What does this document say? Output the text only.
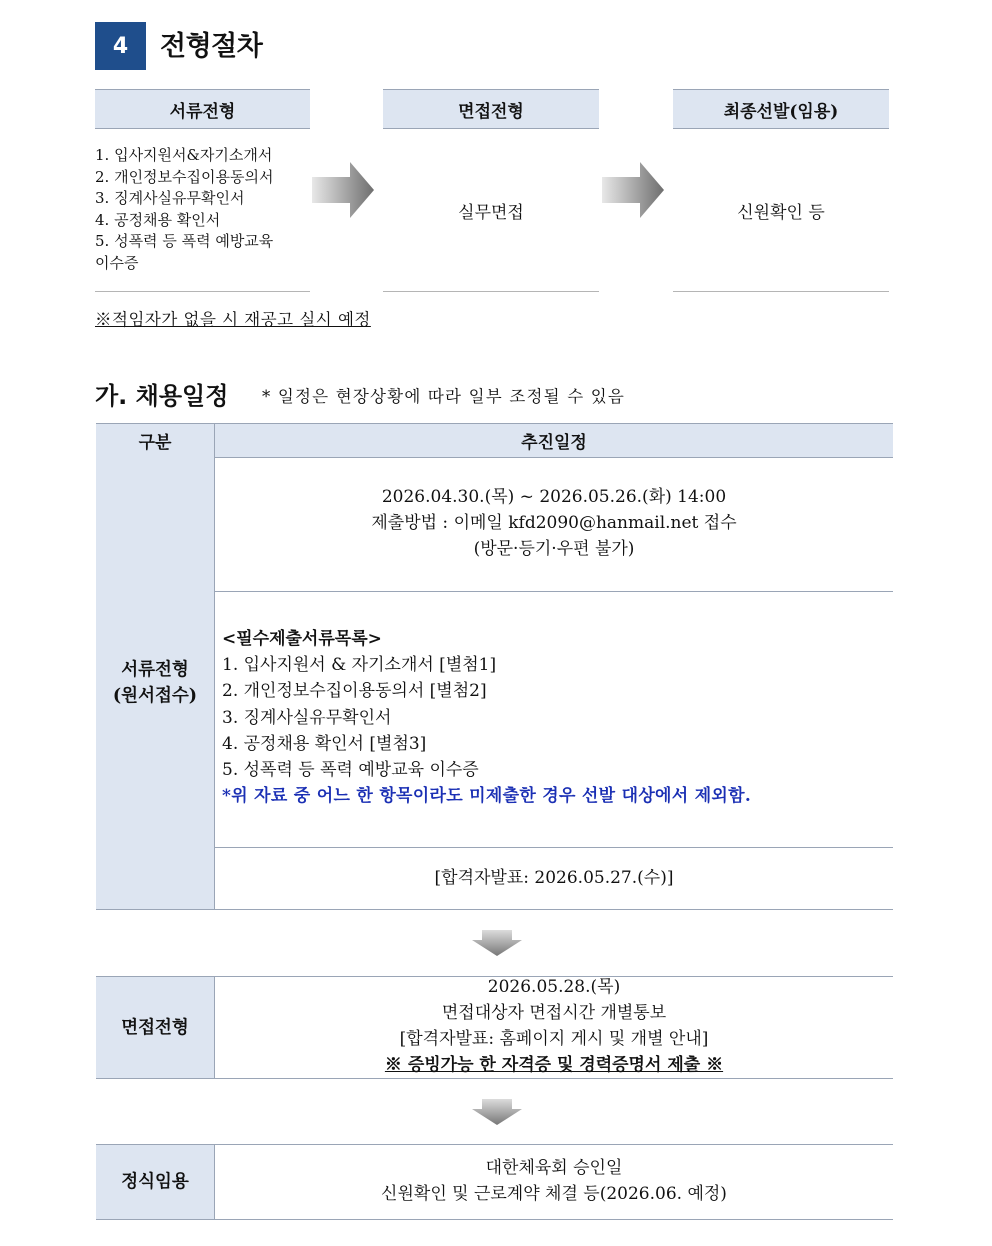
4	전형절차
서류전형
1. 입사지원서&자기소개서
2. 개인정보수집이용동의서
3. 징계사실유무확인서
4. 공정채용 확인서
5. 성폭력 등 폭력 예방교육
이수증
면접전형
실무면접
최종선발(임용)
신원확인 등
※적임자가 없을 시 재공고 실시 예정
가. 채용일정 * 일정은 현장상황에 따라 일부 조정될 수 있음
구분	추진일정
서류전형
(원서접수)
2026.04.30.(목) ~ 2026.05.26.(화) 14:00
제출방법 : 이메일 kfd2090@hanmail.net 접수
(방문·등기·우편 불가)
<필수제출서류목록>
1. 입사지원서 & 자기소개서 [별첨1]
2. 개인정보수집이용동의서 [별첨2]
3. 징계사실유무확인서
4. 공정채용 확인서 [별첨3]
5. 성폭력 등 폭력 예방교육 이수증
*위 자료 중 어느 한 항목이라도 미제출한 경우 선발 대상에서 제외함.
[합격자발표: 2026.05.27.(수)]
면접전형
2026.05.28.(목)
면접대상자 면접시간 개별통보
[합격자발표: 홈페이지 게시 및 개별 안내]
※ 증빙가능 한 자격증 및 경력증명서 제출 ※
정식임용
대한체육회 승인일
신원확인 및 근로계약 체결 등(2026.06. 예정)
